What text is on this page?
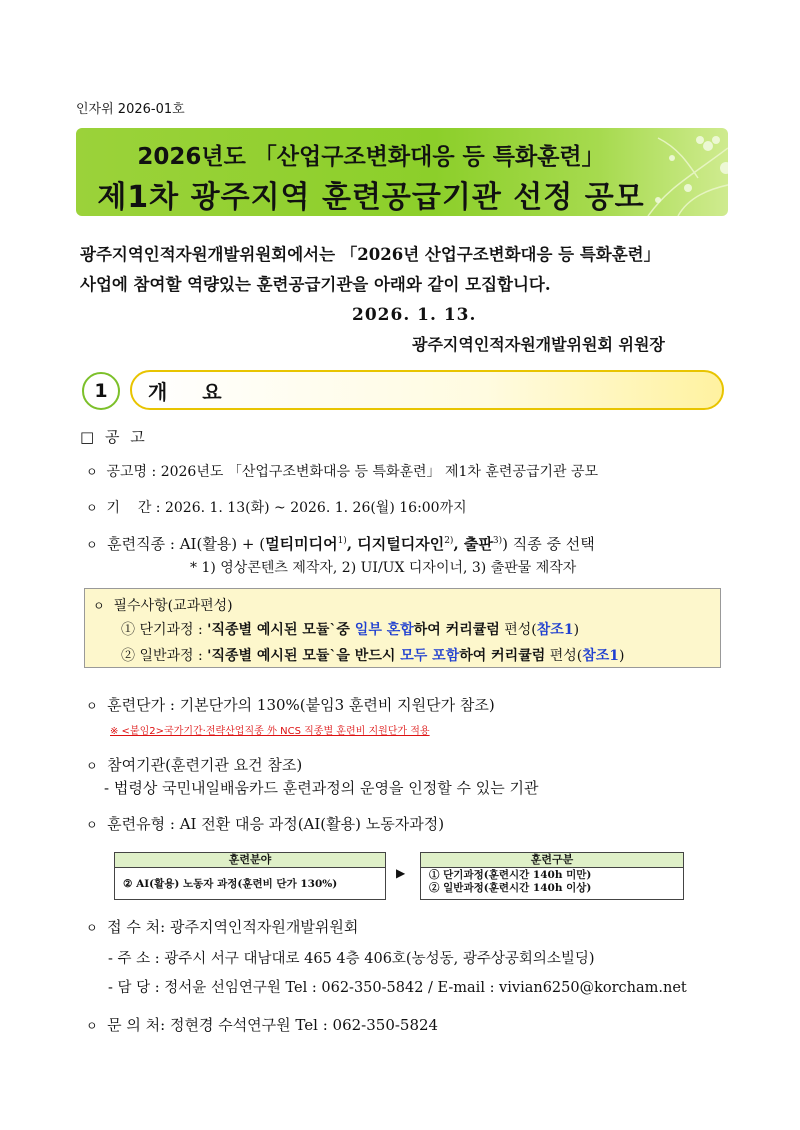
인자위 2026-01호
2026년도 「산업구조변화대응 등 특화훈련」
제1차 광주지역 훈련공급기관 선정 공모
광주지역인적자원개발위원회에서는 「2026년 산업구조변화대응 등 특화훈련」
사업에 참여할 역량있는 훈련공급기관을 아래와 같이 모집합니다.
2026. 1. 13.
광주지역인적자원개발위원회 위원장
1	개 요
□ 공 고
ㅇ 공고명 : 2026년도 「산업구조변화대응 등 특화훈련」 제1차 훈련공급기관 공모
ㅇ 기    간 : 2026. 1. 13(화) ~ 2026. 1. 26(월) 16:00까지
ㅇ 훈련직종 : AI(활용) + (멀티미디어$^{1)}$, 디지털디자인$^{2)}$, 출판$^{3)}$) 직종 중 선택
* 1) 영상콘텐츠 제작자, 2) UI/UX 디자이너, 3) 출판물 제작자
ㅇ 필수사항(교과편성)
① 단기과정 : '직종별 예시된 모듈`중 일부 혼합하여 커리큘럼 편성(참조1)
② 일반과정 : '직종별 예시된 모듈`을 반드시 모두 포함하여 커리큘럼 편성(참조1)
ㅇ 훈련단가 : 기본단가의 130%(붙임3 훈련비 지원단가 참조)
※ <붙임2>국가기간·전략산업직종 外 NCS 직종별 훈련비 지원단가 적용
ㅇ 참여기관(훈련기관 요건 참조)
- 법령상 국민내일배움카드 훈련과정의 운영을 인정할 수 있는 기관
ㅇ 훈련유형 : AI 전환 대응 과정(AI(활용) 노동자과정)
훈련분야
② AI(활용) 노동자 과정(훈련비 단가 130%)
▶
훈련구분
① 단기과정(훈련시간 140h 미만)
② 일반과정(훈련시간 140h 이상)
ㅇ 접 수 처: 광주지역인적자원개발위원회
- 주 소 : 광주시 서구 대남대로 465 4층 406호(농성동, 광주상공회의소빌딩)
- 담 당 : 정서윤 선임연구원 Tel : 062-350-5842 / E-mail : vivian6250@korcham.net
ㅇ 문 의 처: 정현경 수석연구원 Tel : 062-350-5824
